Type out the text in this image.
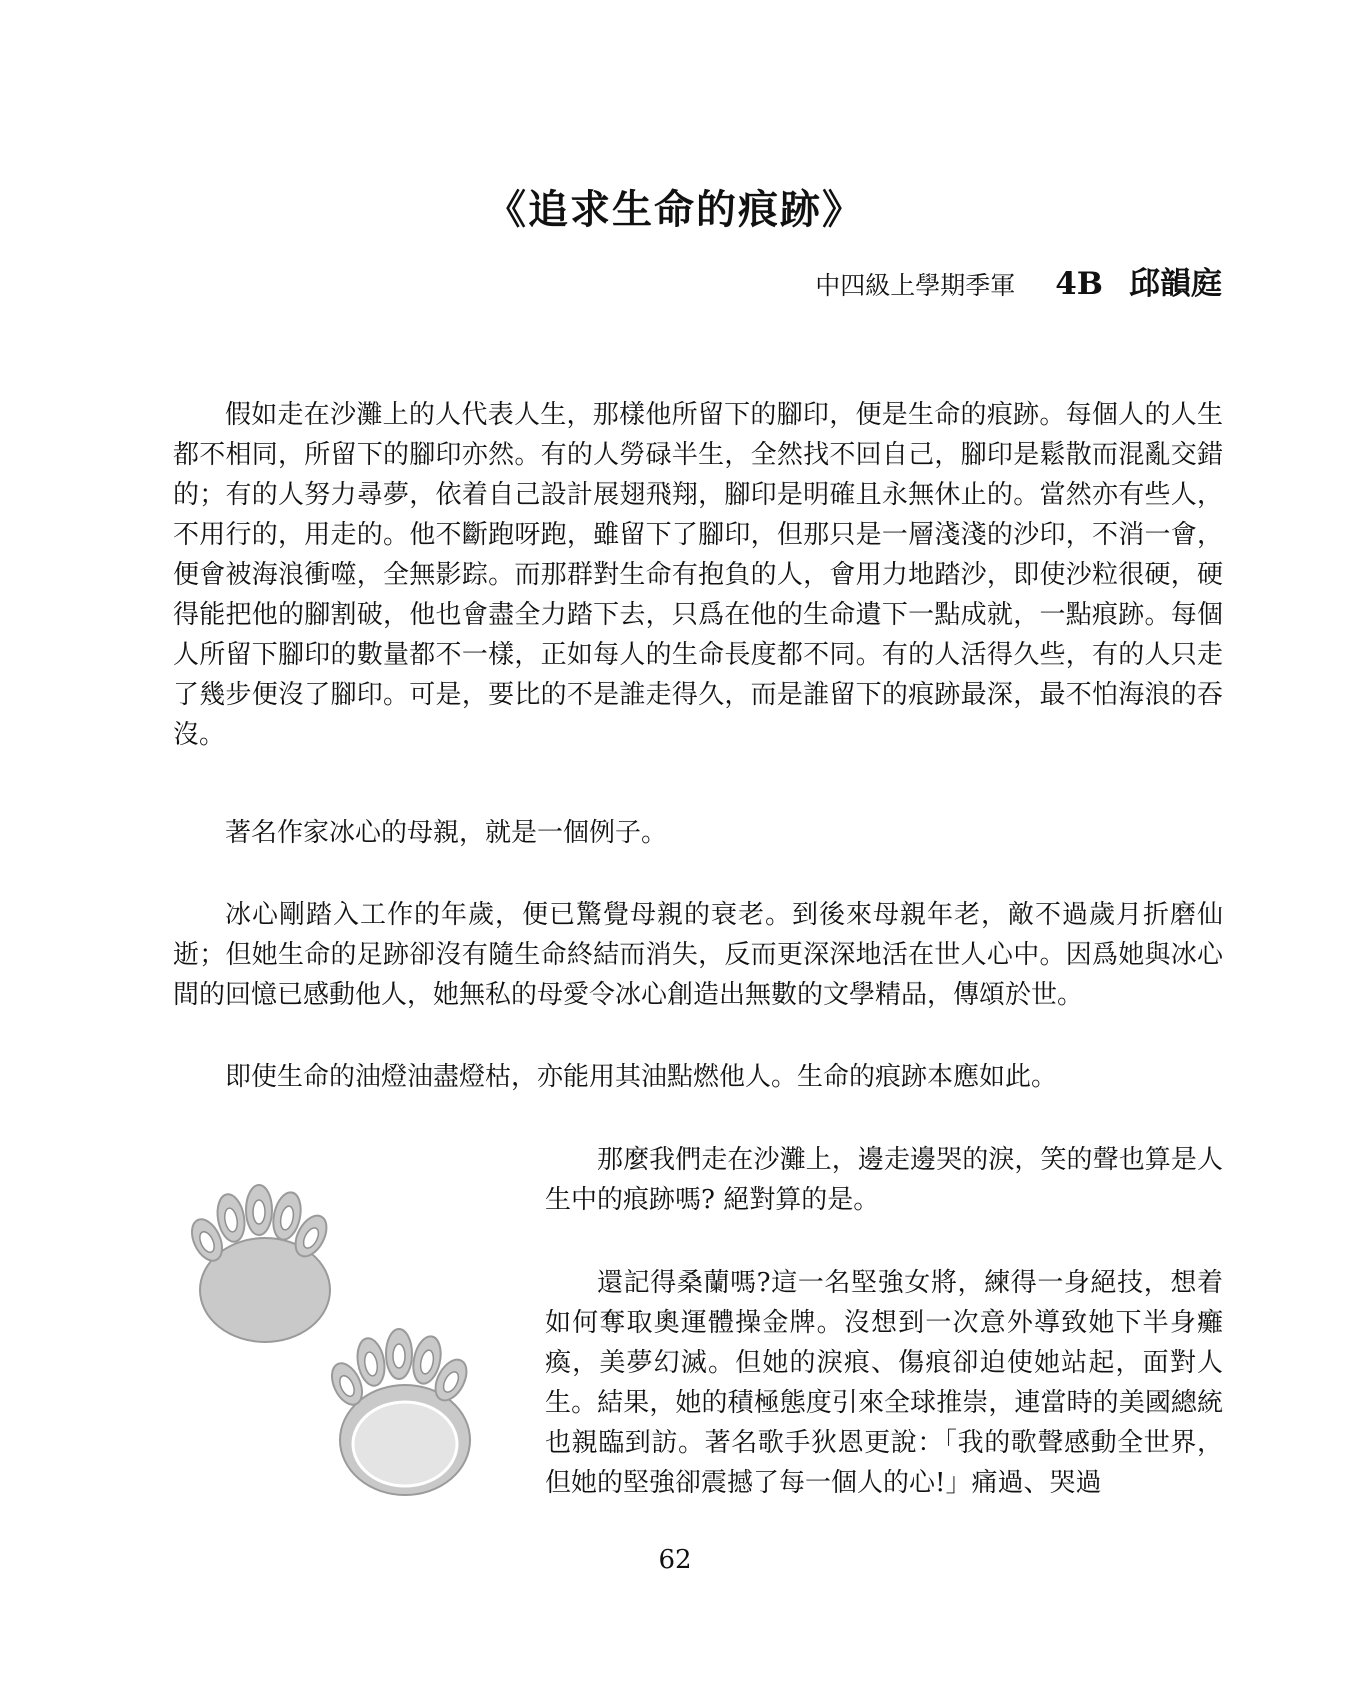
《追求生命的痕跡》
中四級上學期季軍 4B 邱韻庭

假如走在沙灘上的人代表人生，那樣他所留下的腳印，便是生命的痕跡。每個人的人生都不相同，所留下的腳印亦然。有的人勞碌半生，全然找不回自己，腳印是鬆散而混亂交錯的；有的人努力尋夢，依着自己設計展翅飛翔，腳印是明確且永無休止的。當然亦有些人，不用行的，用走的。他不斷跑呀跑，雖留下了腳印，但那只是一層淺淺的沙印，不消一會，便會被海浪衝噬，全無影踪。而那群對生命有抱負的人，會用力地踏沙，即使沙粒很硬，硬得能把他的腳割破，他也會盡全力踏下去，只爲在他的生命遺下一點成就，一點痕跡。每個人所留下腳印的數量都不一樣，正如每人的生命長度都不同。有的人活得久些，有的人只走了幾步便沒了腳印。可是，要比的不是誰走得久，而是誰留下的痕跡最深，最不怕海浪的吞沒。

著名作家冰心的母親，就是一個例子。

冰心剛踏入工作的年歲，便已驚覺母親的衰老。到後來母親年老，敵不過歲月折磨仙逝；但她生命的足跡卻沒有隨生命終結而消失，反而更深深地活在世人心中。因爲她與冰心間的回憶已感動他人，她無私的母愛令冰心創造出無數的文學精品，傳頌於世。

即使生命的油燈油盡燈枯，亦能用其油點燃他人。生命的痕跡本應如此。

那麼我們走在沙灘上，邊走邊哭的淚，笑的聲也算是人生中的痕跡嗎? 絕對算的是。

還記得桑蘭嗎?這一名堅強女將，練得一身絕技，想着如何奪取奧運體操金牌。沒想到一次意外導致她下半身癱瘓，美夢幻滅。但她的淚痕、傷痕卻迫使她站起，面對人生。結果，她的積極態度引來全球推崇，連當時的美國總統也親臨到訪。著名歌手狄恩更說：「我的歌聲感動全世界，但她的堅強卻震撼了每一個人的心!」痛過、哭過

62
